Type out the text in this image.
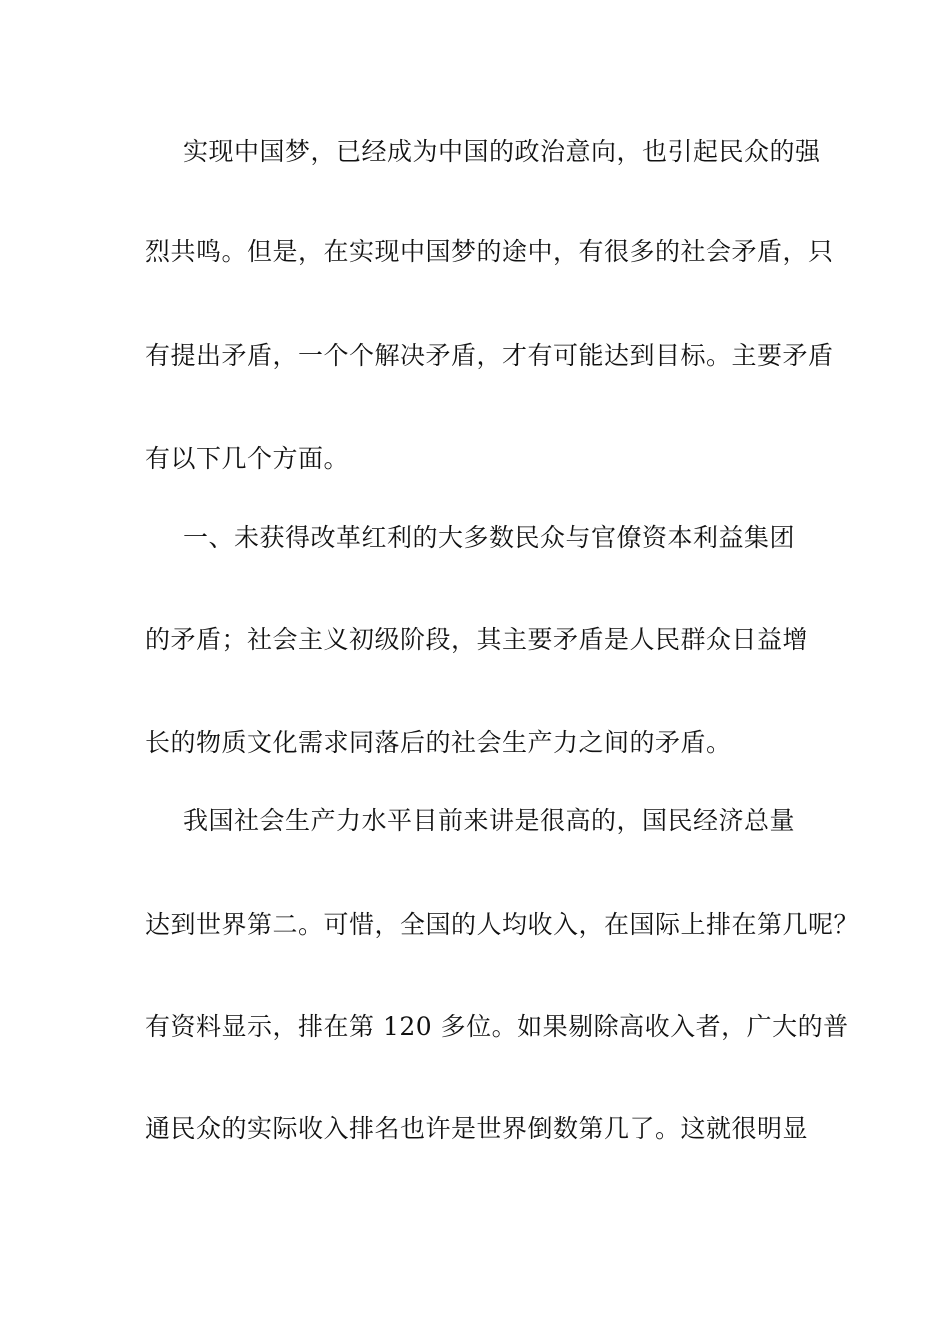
实现中国梦，已经成为中国的政治意向，也引起民众的强
烈共鸣。但是，在实现中国梦的途中，有很多的社会矛盾，只
有提出矛盾，一个个解决矛盾，才有可能达到目标。主要矛盾
有以下几个方面。
一、未获得改革红利的大多数民众与官僚资本利益集团
的矛盾；社会主义初级阶段，其主要矛盾是人民群众日益增
长的物质文化需求同落后的社会生产力之间的矛盾。
我国社会生产力水平目前来讲是很高的，国民经济总量
达到世界第二。可惜，全国的人均收入，在国际上排在第几呢？
有资料显示，排在第 120 多位。如果剔除高收入者，广大的普
通民众的实际收入排名也许是世界倒数第几了。这就很明显
